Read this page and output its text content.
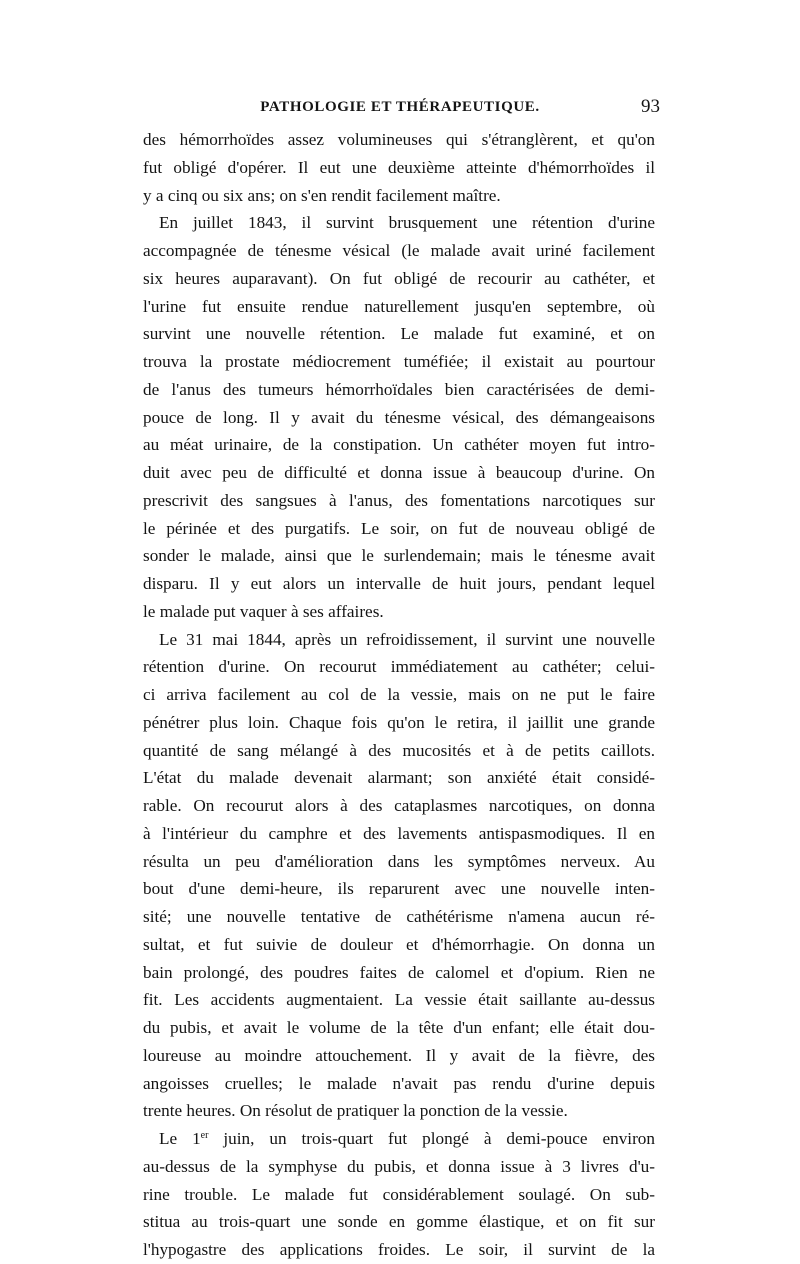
PATHOLOGIE ET THÉRAPEUTIQUE.	93
des hémorrhoïdes assez volumineuses qui s'étranglèrent, et qu'on
fut obligé d'opérer. Il eut une deuxième atteinte d'hémorrhoïdes il
y a cinq ou six ans; on s'en rendit facilement maître.
En juillet 1843, il survint brusquement une rétention d'urine
accompagnée de ténesme vésical (le malade avait uriné facilement
six heures auparavant). On fut obligé de recourir au cathéter, et
l'urine fut ensuite rendue naturellement jusqu'en septembre, où
survint une nouvelle rétention. Le malade fut examiné, et on
trouva la prostate médiocrement tuméfiée; il existait au pourtour
de l'anus des tumeurs hémorrhoïdales bien caractérisées de demi-
pouce de long. Il y avait du ténesme vésical, des démangeaisons
au méat urinaire, de la constipation. Un cathéter moyen fut intro-
duit avec peu de difficulté et donna issue à beaucoup d'urine. On
prescrivit des sangsues à l'anus, des fomentations narcotiques sur
le périnée et des purgatifs. Le soir, on fut de nouveau obligé de
sonder le malade, ainsi que le surlendemain; mais le ténesme avait
disparu. Il y eut alors un intervalle de huit jours, pendant lequel
le malade put vaquer à ses affaires.
Le 31 mai 1844, après un refroidissement, il survint une nouvelle
rétention d'urine. On recourut immédiatement au cathéter; celui-
ci arriva facilement au col de la vessie, mais on ne put le faire
pénétrer plus loin. Chaque fois qu'on le retira, il jaillit une grande
quantité de sang mélangé à des mucosités et à de petits caillots.
L'état du malade devenait alarmant; son anxiété était considé-
rable. On recourut alors à des cataplasmes narcotiques, on donna
à l'intérieur du camphre et des lavements antispasmodiques. Il en
résulta un peu d'amélioration dans les symptômes nerveux. Au
bout d'une demi-heure, ils reparurent avec une nouvelle inten-
sité; une nouvelle tentative de cathétérisme n'amena aucun ré-
sultat, et fut suivie de douleur et d'hémorrhagie. On donna un
bain prolongé, des poudres faites de calomel et d'opium. Rien ne
fit. Les accidents augmentaient. La vessie était saillante au-dessus
du pubis, et avait le volume de la tête d'un enfant; elle était dou-
loureuse au moindre attouchement. Il y avait de la fièvre, des
angoisses cruelles; le malade n'avait pas rendu d'urine depuis
trente heures. On résolut de pratiquer la ponction de la vessie.
Le 1er juin, un trois-quart fut plongé à demi-pouce environ
au-dessus de la symphyse du pubis, et donna issue à 3 livres d'u-
rine trouble. Le malade fut considérablement soulagé. On sub-
stitua au trois-quart une sonde en gomme élastique, et on fit sur
l'hypogastre des applications froides. Le soir, il survint de la
